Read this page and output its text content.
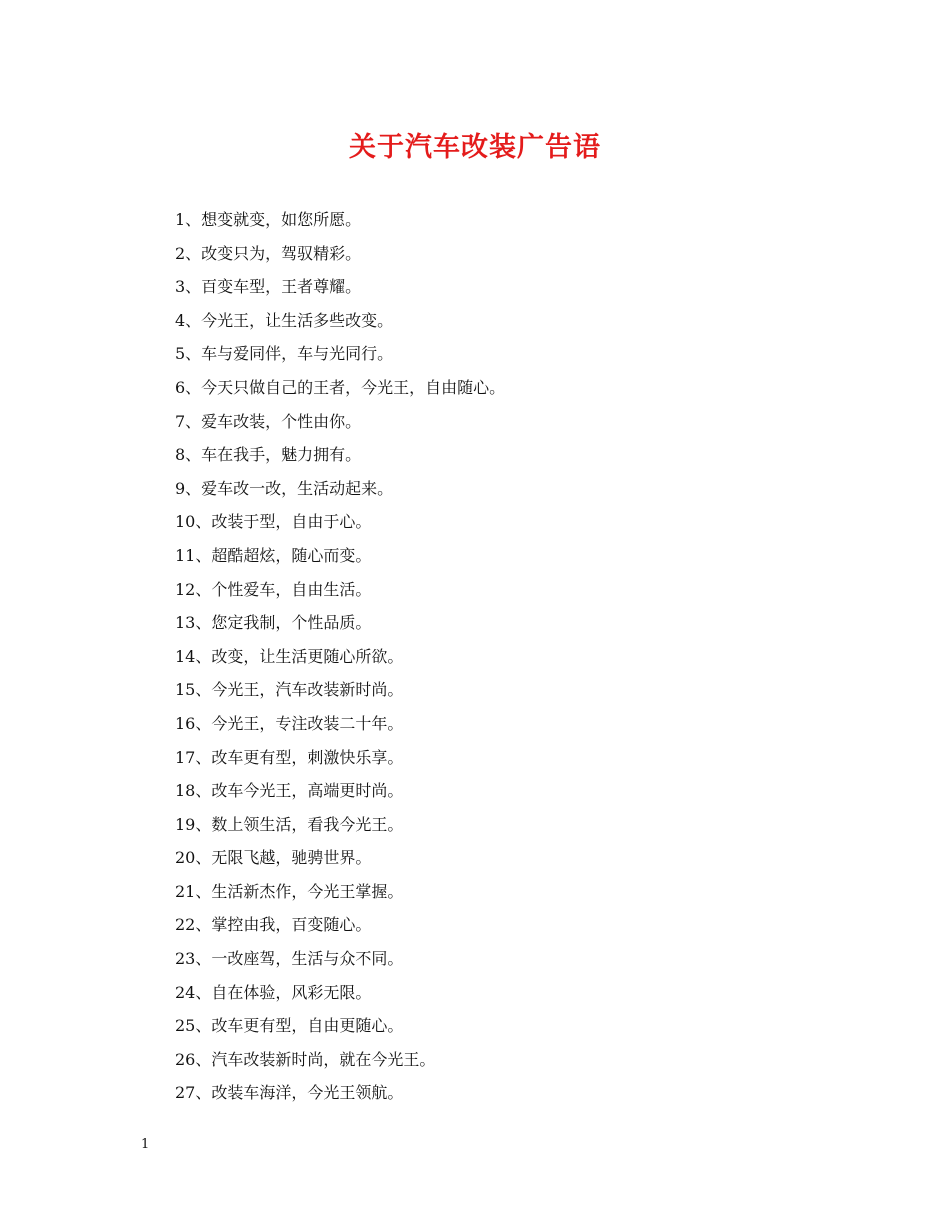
关于汽车改装广告语
1、想变就变，如您所愿。
2、改变只为，驾驭精彩。
3、百变车型，王者尊耀。
4、今光王，让生活多些改变。
5、车与爱同伴，车与光同行。
6、今天只做自己的王者，今光王，自由随心。
7、爱车改装，个性由你。
8、车在我手，魅力拥有。
9、爱车改一改，生活动起来。
10、改装于型，自由于心。
11、超酷超炫，随心而变。
12、个性爱车，自由生活。
13、您定我制，个性品质。
14、改变，让生活更随心所欲。
15、今光王，汽车改装新时尚。
16、今光王，专注改装二十年。
17、改车更有型，刺激快乐享。
18、改车今光王，高端更时尚。
19、数上领生活，看我今光王。
20、无限飞越，驰骋世界。
21、生活新杰作，今光王掌握。
22、掌控由我，百变随心。
23、一改座驾，生活与众不同。
24、自在体验，风彩无限。
25、改车更有型，自由更随心。
26、汽车改装新时尚，就在今光王。
27、改装车海洋，今光王领航。
1
